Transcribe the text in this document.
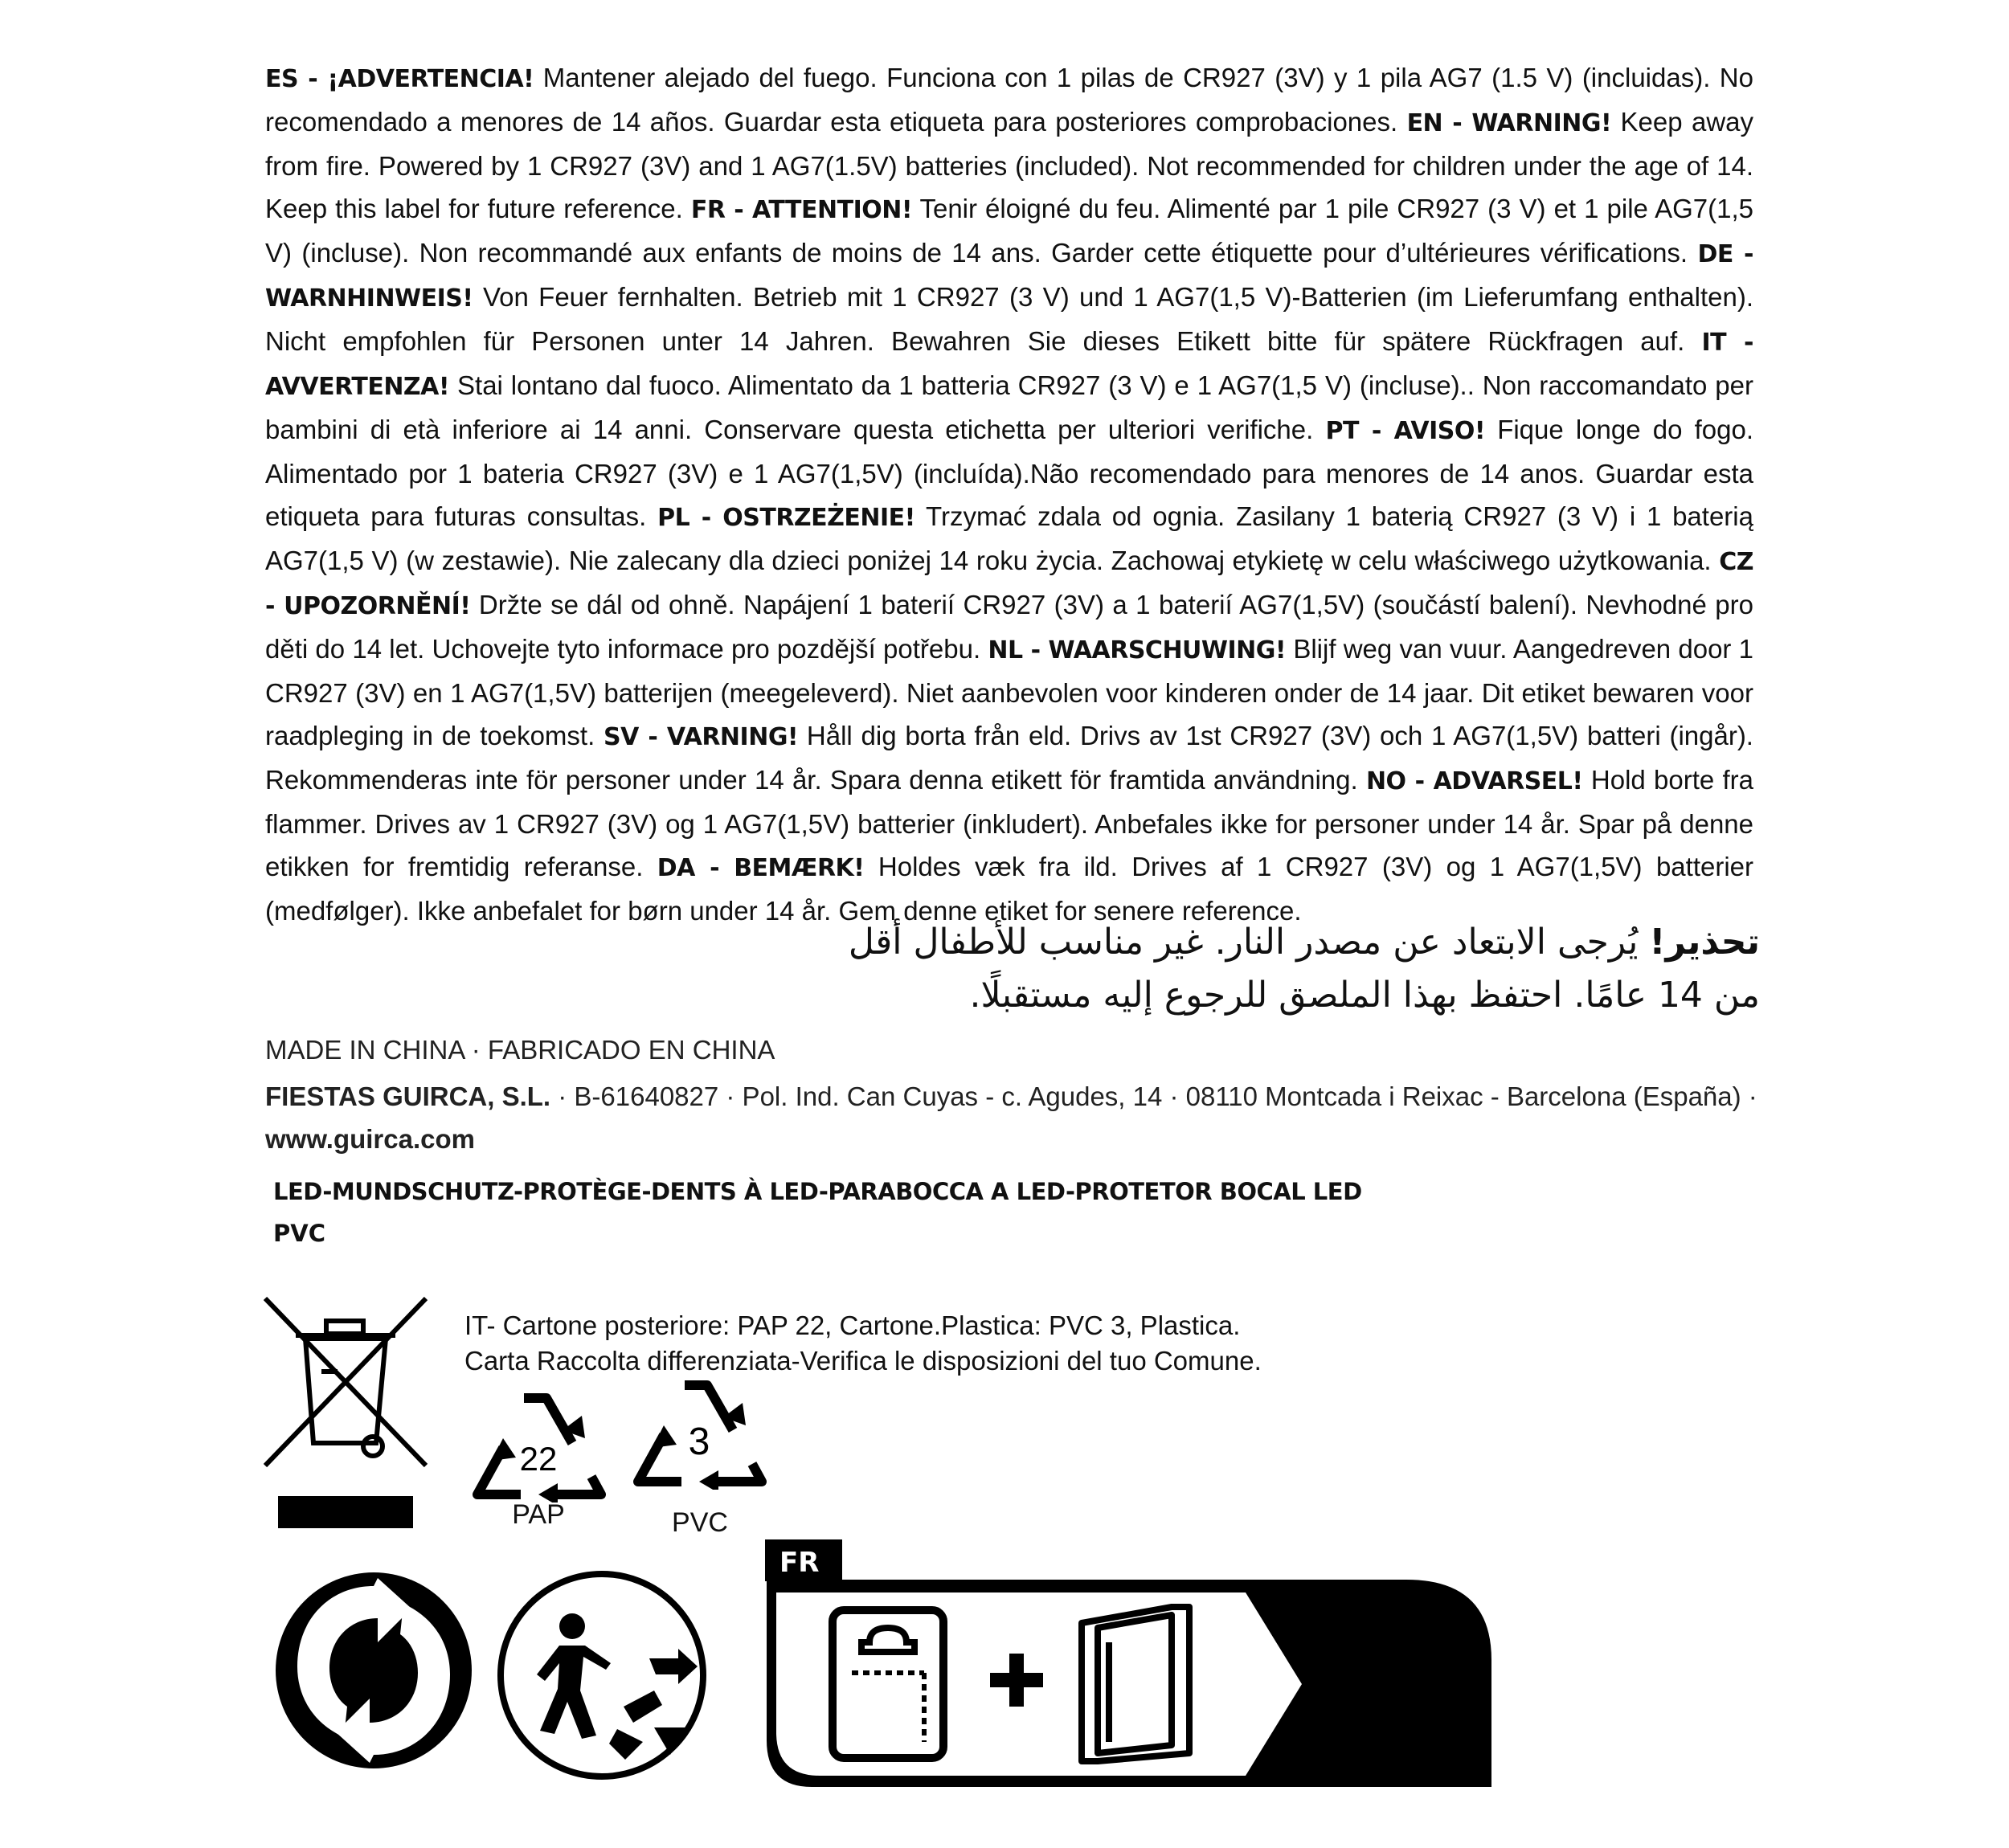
ES - ¡ADVERTENCIA! Mantener alejado del fuego. Funciona con 1 pilas de CR927 (3V) y 1 pila AG7 (1.5 V) (incluidas). No recomendado a menores de 14 años. Guardar esta etiqueta para posteriores comprobaciones. EN - WARNING! Keep away from fire. Powered by 1 CR927 (3V) and 1 AG7(1.5V) batteries (included). Not recommended for children under the age of 14. Keep this label for future reference. FR - ATTENTION! Tenir éloigné du feu. Alimenté par 1 pile CR927 (3 V) et 1 pile AG7(1,5 V) (incluse). Non recommandé aux enfants de moins de 14 ans. Garder cette étiquette pour d’ultérieures vérifications. DE - WARNHINWEIS! Von Feuer fernhalten. Betrieb mit 1 CR927 (3 V) und 1 AG7(1,5 V)-Batterien (im Lieferumfang enthalten). Nicht empfohlen für Personen unter 14 Jahren. Bewahren Sie dieses Etikett bitte für spätere Rückfragen auf. IT - AVVERTENZA! Stai lontano dal fuoco. Alimentato da 1 batteria CR927 (3 V) e 1 AG7(1,5 V) (incluse).. Non raccomandato per bambini di età inferiore ai 14 anni. Conservare questa etichetta per ulteriori verifiche. PT - AVISO! Fique longe do fogo. Alimentado por 1 bateria CR927 (3V) e 1 AG7(1,5V) (incluída).Não recomendado para menores de 14 anos. Guardar esta etiqueta para futuras consultas. PL - OSTRZEŻENIE! Trzymać zdala od ognia. Zasilany 1 baterią CR927 (3 V) i 1 baterią AG7(1,5 V) (w zestawie). Nie zalecany dla dzieci poniżej 14 roku życia. Zachowaj etykietę w celu właściwego użytkowania. CZ - UPOZORNĚNÍ! Držte se dál od ohně. Napájení 1 baterií CR927 (3V) a 1 baterií AG7(1,5V) (součástí balení). Nevhodné pro děti do 14 let. Uchovejte tyto informace pro pozdější potřebu. NL - WAARSCHUWING! Blijf weg van vuur. Aangedreven door 1 CR927 (3V) en 1 AG7(1,5V) batterijen (meegeleverd). Niet aanbevolen voor kinderen onder de 14 jaar. Dit etiket bewaren voor raadpleging in de toekomst. SV - VARNING! Håll dig borta från eld. Drivs av 1st CR927 (3V) och 1 AG7(1,5V) batteri (ingår). Rekommenderas inte för personer under 14 år. Spara denna etikett för framtida användning. NO - ADVARSEL! Hold borte fra flammer. Drives av 1 CR927 (3V) og 1 AG7(1,5V) batterier (inkludert). Anbefales ikke for personer under 14 år. Spar på denne etikken for fremtidig referanse. DA - BEMÆRK! Holdes væk fra ild. Drives af 1 CR927 (3V) og 1 AG7(1,5V) batterier (medfølger). Ikke anbefalet for børn under 14 år. Gem denne etiket for senere reference.
تحذير! يُرجى الابتعاد عن مصدر النار. غير مناسب للأطفال أقل من 14 عامًا. احتفظ بهذا الملصق للرجوع إليه مستقبلًا.
MADE IN CHINA · FABRICADO EN CHINA
FIESTAS GUIRCA, S.L. · B-61640827 · Pol. Ind. Can Cuyas - c. Agudes, 14 · 08110 Montcada i Reixac - Barcelona (España) · www.guirca.com
LED-MUNDSCHUTZ-PROTÈGE-DENTS À LED-PARABOCCA A LED-PROTETOR BOCAL LED
PVC
IT- Cartone posteriore: PAP 22, Cartone.Plastica: PVC 3, Plastica.
Carta Raccolta differenziata-Verifica le disposizioni del tuo Comune.
22
PAP
3
PVC
FR
